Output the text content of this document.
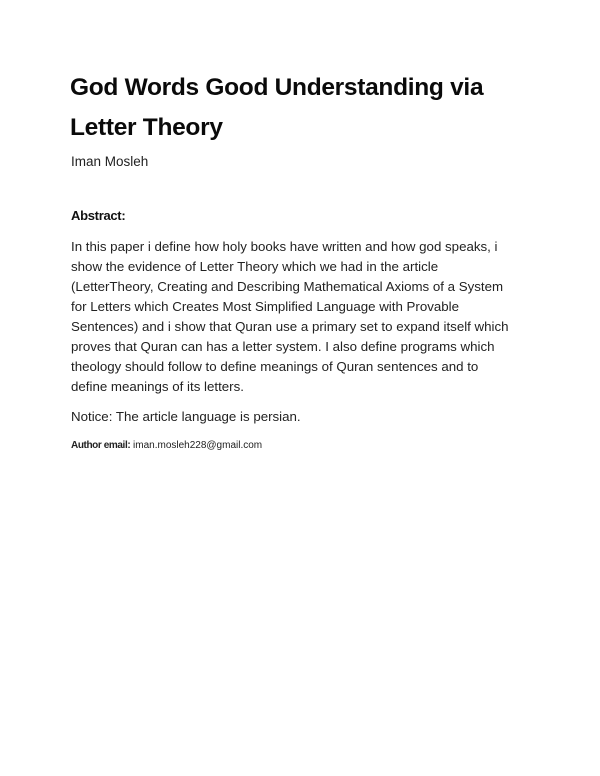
God Words Good Understanding via
Letter Theory
Iman Mosleh
Abstract:
In this paper i define how holy books have written and how god speaks, i
show the evidence of Letter Theory which we had in the article
(LetterTheory, Creating and Describing Mathematical Axioms of a System
for Letters which Creates Most Simplified Language with Provable
Sentences) and i show that Quran use a primary set to expand itself which
proves that Quran can has a letter system. I also define programs which
theology should follow to define meanings of Quran sentences and to
define meanings of its letters.
Notice: The article language is persian.
Author email: iman.mosleh228@gmail.com
